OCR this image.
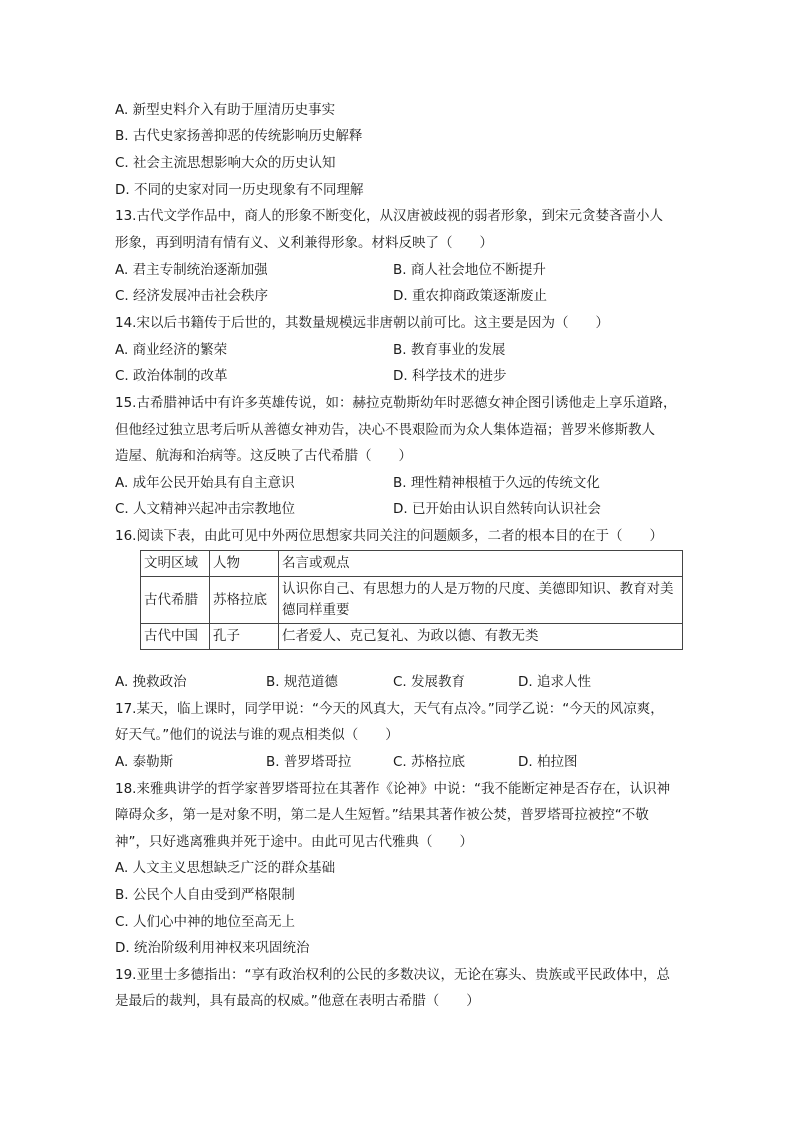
A. 新型史料介入有助于厘清历史事实
B. 古代史家扬善抑恶的传统影响历史解释
C. 社会主流思想影响大众的历史认知
D. 不同的史家对同一历史现象有不同理解
13.古代文学作品中，商人的形象不断变化，从汉唐被歧视的弱者形象，到宋元贪婪吝啬小人
形象，再到明清有情有义、义利兼得形象。材料反映了（　　）
A. 君主专制统治逐渐加强	B. 商人社会地位不断提升
C. 经济发展冲击社会秩序	D. 重农抑商政策逐渐废止
14.宋以后书籍传于后世的，其数量规模远非唐朝以前可比。这主要是因为（　　）
A. 商业经济的繁荣	B. 教育事业的发展
C. 政治体制的改革	D. 科学技术的进步
15.古希腊神话中有许多英雄传说，如：赫拉克勒斯幼年时恶德女神企图引诱他走上享乐道路，
但他经过独立思考后听从善德女神劝告，决心不畏艰险而为众人集体造福；普罗米修斯教人
造屋、航海和治病等。这反映了古代希腊（　　）
A. 成年公民开始具有自主意识	B. 理性精神根植于久远的传统文化
C. 人文精神兴起冲击宗教地位	D. 已开始由认识自然转向认识社会
16.阅读下表，由此可见中外两位思想家共同关注的问题颇多，二者的根本目的在于（　　）
文明区域	人物	名言或观点
古代希腊	苏格拉底	认识你自己、有思想力的人是万物的尺度、美德即知识、教育对美
德同样重要

古代中国	孔子	仁者爱人、克己复礼、为政以德、有教无类
A. 挽救政治	B. 规范道德	C. 发展教育	D. 追求人性
17.某天，临上课时，同学甲说：“今天的风真大，天气有点冷。”同学乙说：“今天的风凉爽，
好天气。”他们的说法与谁的观点相类似（　　）
A. 泰勒斯	B. 普罗塔哥拉	C. 苏格拉底	D. 柏拉图
18.来雅典讲学的哲学家普罗塔哥拉在其著作《论神》中说：“我不能断定神是否存在，认识神
障碍众多，第一是对象不明，第二是人生短暂。”结果其著作被公焚，普罗塔哥拉被控“不敬
神”，只好逃离雅典并死于途中。由此可见古代雅典（　　）
A. 人文主义思想缺乏广泛的群众基础
B. 公民个人自由受到严格限制
C. 人们心中神的地位至高无上
D. 统治阶级利用神权来巩固统治
19.亚里士多德指出：“享有政治权利的公民的多数决议，无论在寡头、贵族或平民政体中，总
是最后的裁判，具有最高的权威。”他意在表明古希腊（　　）
